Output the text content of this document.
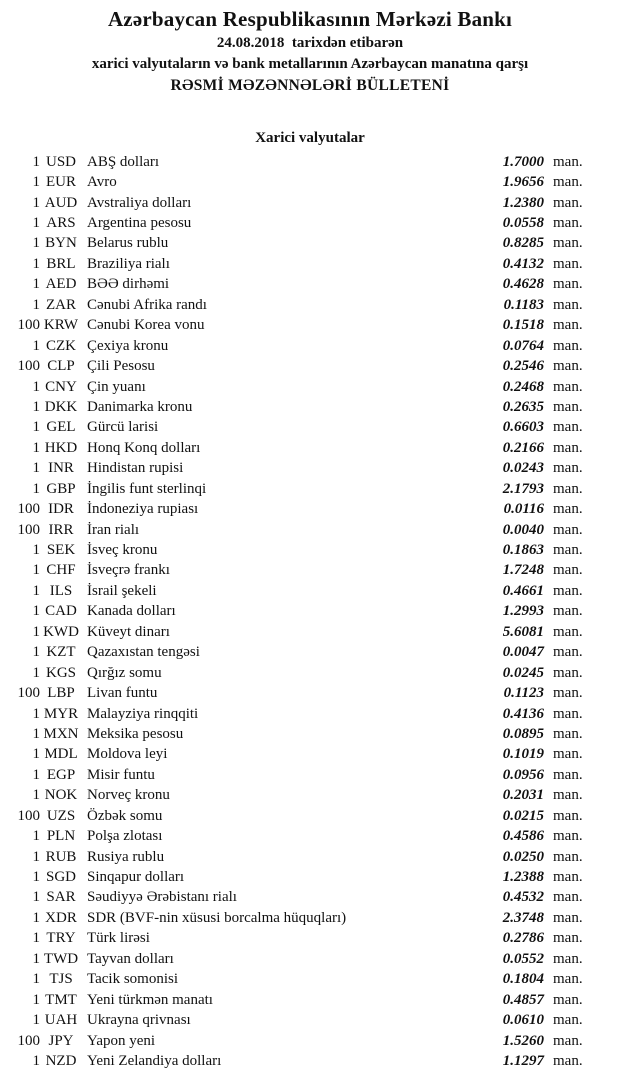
Azərbaycan Respublikasının Mərkəzi Bankı
24.08.2018  tarixdən etibarən
xarici valyutaların və bank metallarının Azərbaycan manatına qarşı
RƏSMİ MƏZƏNNƏLƏRİ BÜLLETENİ
Xarici valyutalar
1 USD ABŞ dolları	1.7000 man.
1 EUR Avro	1.9656 man.
1 AUD Avstraliya dolları	1.2380 man.
1 ARS Argentina pesosu	0.0558 man.
1 BYN Belarus rublu	0.8285 man.
1 BRL Braziliya rialı	0.4132 man.
1 AED BƏƏ dirhəmi	0.4628 man.
1 ZAR Cənubi Afrika randı	0.1183 man.
100 KRW Cənubi Korea vonu	0.1518 man.
1 CZK Çexiya kronu	0.0764 man.
100 CLP Çili Pesosu	0.2546 man.
1 CNY Çin yuanı	0.2468 man.
1 DKK Danimarka kronu	0.2635 man.
1 GEL Gürcü larisi	0.6603 man.
1 HKD Honq Konq dolları	0.2166 man.
1 INR Hindistan rupisi	0.0243 man.
1 GBP İngilis funt sterlinqi	2.1793 man.
100 IDR İndoneziya rupiası	0.0116 man.
100 IRR İran rialı	0.0040 man.
1 SEK İsveç kronu	0.1863 man.
1 CHF İsveçrə frankı	1.7248 man.
1 ILS İsrail şekeli	0.4661 man.
1 CAD Kanada dolları	1.2993 man.
1 KWD Küveyt dinarı	5.6081 man.
1 KZT Qazaxıstan tengəsi	0.0047 man.
1 KGS Qırğız somu	0.0245 man.
100 LBP Livan funtu	0.1123 man.
1 MYR Malayziya rinqqiti	0.4136 man.
1 MXN Meksika pesosu	0.0895 man.
1 MDL Moldova leyi	0.1019 man.
1 EGP Misir funtu	0.0956 man.
1 NOK Norveç kronu	0.2031 man.
100 UZS Özbək somu	0.0215 man.
1 PLN Polşa zlotası	0.4586 man.
1 RUB Rusiya rublu	0.0250 man.
1 SGD Sinqapur dolları	1.2388 man.
1 SAR Səudiyyə Ərəbistanı rialı	0.4532 man.
1 XDR SDR (BVF-nin xüsusi borcalma hüquqları)	2.3748 man.
1 TRY Türk lirəsi	0.2786 man.
1 TWD Tayvan dolları	0.0552 man.
1 TJS Tacik somonisi	0.1804 man.
1 TMT Yeni türkmən manatı	0.4857 man.
1 UAH Ukrayna qrivnası	0.0610 man.
100 JPY Yapon yeni	1.5260 man.
1 NZD Yeni Zelandiya dolları	1.1297 man.
